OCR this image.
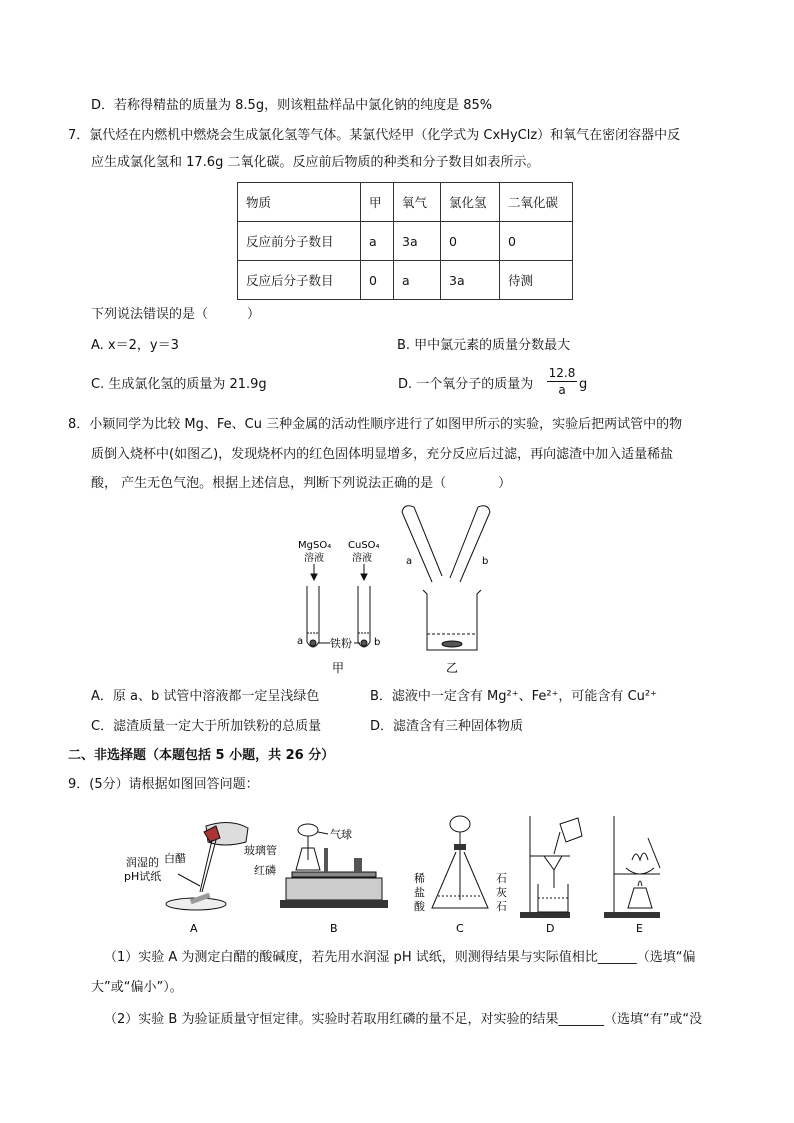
D．若称得精盐的质量为 8.5g，则该粗盐样品中氯化钠的纯度是 85%
7．氯代烃在内燃机中燃烧会生成氯化氢等气体。某氯代烃甲（化学式为 CxHyClz）和氧气在密闭容器中反
应生成氯化氢和 17.6g 二氧化碳。反应前后物质的种类和分子数目如表所示。
物质	甲	氧气	氯化氢	二氧化碳
反应前分子数目	a	3a	0	0
反应后分子数目	0	a	3a	待测
下列说法错误的是（　　　）
A. x＝2，y＝3	B. 甲中氯元素的质量分数最大
C. 生成氯化氢的质量为 21.9g	D. 一个氧分子的质量为
12.8
a	g
8．小颖同学为比较 Mg、Fe、Cu 三种金属的活动性顺序进行了如图甲所示的实验，实验后把两试管中的物
质倒入烧杯中(如图乙)，发现烧杯内的红色固体明显增多，充分反应后过滤，再向滤渣中加入适量稀盐
酸， 产生无色气泡。根据上述信息，判断下列说法正确的是（　　　　）
MgSO₄
溶液
CuSO₄
溶液
a	b
铁粉
甲
a	b
乙
A．原 a、b 试管中溶液都一定呈浅绿色	B．滤液中一定含有 Mg²⁺、Fe²⁺，可能含有 Cu²⁺
C．滤渣质量一定大于所加铁粉的总质量	D．滤渣含有三种固体物质
二、非选择题（本题包括 5 小题，共 26 分）
9．(5分）请根据如图回答问题：
白醋
润湿的
pH试纸
A
玻璃管
气球
红磷
B
稀
盐
酸
石
灰
石
C	D	E
（1）实验 A 为测定白醋的酸碱度，若先用水润湿 pH 试纸，则测得结果与实际值相比______（选填“偏
大”或“偏小”）。
（2）实验 B 为验证质量守恒定律。实验时若取用红磷的量不足，对实验的结果_______（选填“有”或“没
